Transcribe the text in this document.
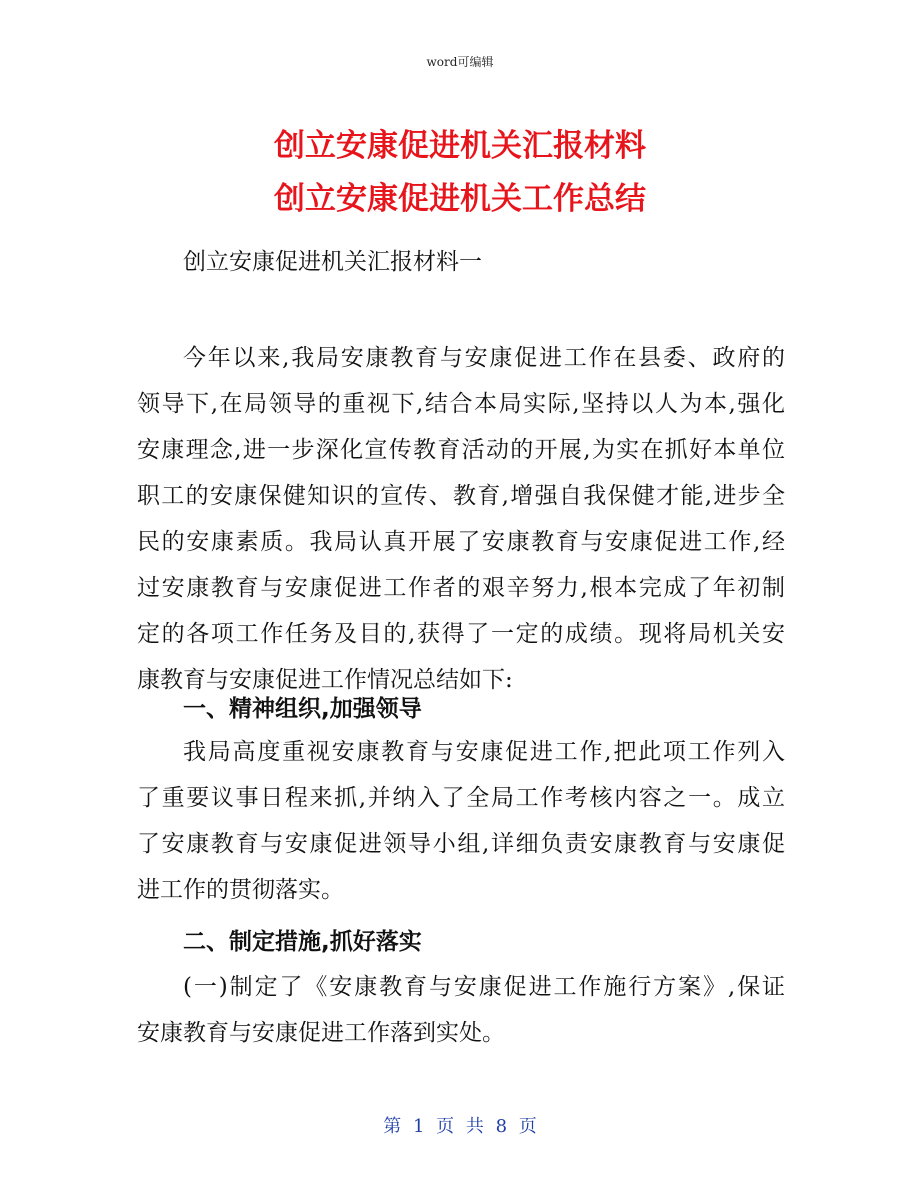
word可编辑
创立安康促进机关汇报材料
创立安康促进机关工作总结
创立安康促进机关汇报材料一
今年以来,我局安康教育与安康促进工作在县委、政府的
领导下,在局领导的重视下,结合本局实际,坚持以人为本,强化
安康理念,进一步深化宣传教育活动的开展,为实在抓好本单位
职工的安康保健知识的宣传、教育,增强自我保健才能,进步全
民的安康素质。我局认真开展了安康教育与安康促进工作,经
过安康教育与安康促进工作者的艰辛努力,根本完成了年初制
定的各项工作任务及目的,获得了一定的成绩。现将局机关安
康教育与安康促进工作情况总结如下:
一、精神组织,加强领导
我局高度重视安康教育与安康促进工作,把此项工作列入
了重要议事日程来抓,并纳入了全局工作考核内容之一。成立
了安康教育与安康促进领导小组,详细负责安康教育与安康促
进工作的贯彻落实。
二、制定措施,抓好落实
(一)制定了《安康教育与安康促进工作施行方案》,保证
安康教育与安康促进工作落到实处。
第 1 页 共 8 页
